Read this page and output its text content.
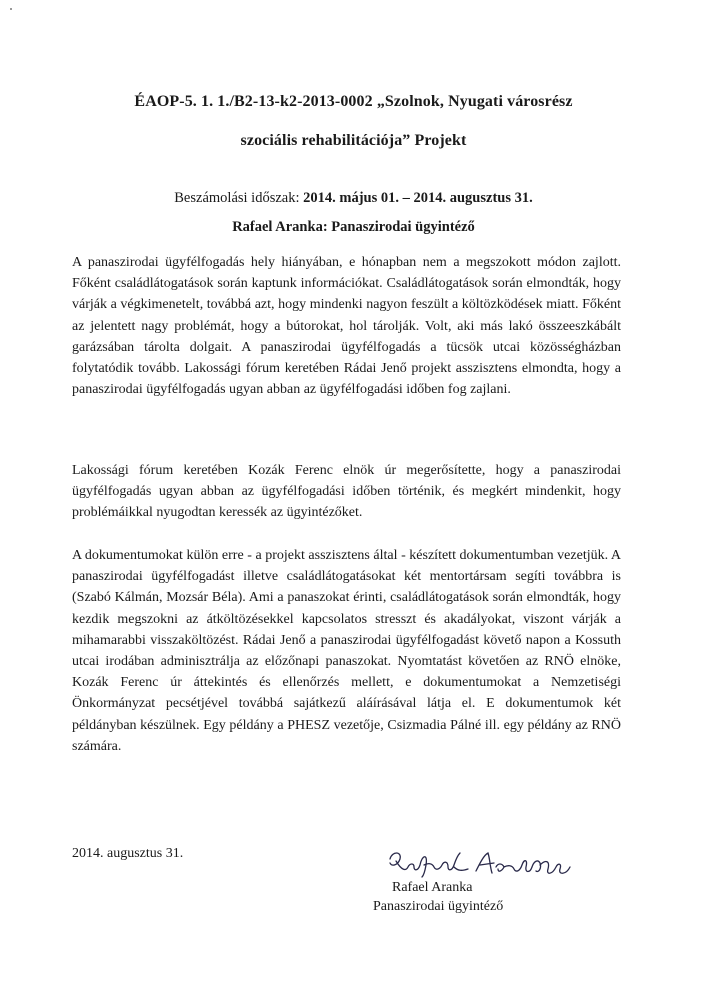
ÉAOP-5. 1. 1./B2-13-k2-2013-0002 „Szolnok, Nyugati városrész
szociális rehabilitációja” Projekt
Beszámolási időszak: 2014. május 01. – 2014. augusztus 31.
Rafael Aranka: Panaszirodai ügyintéző

A panaszirodai ügyfélfogadás hely hiányában, e hónapban nem a megszokott módon zajlott. Főként családlátogatások során kaptunk információkat. Családlátogatások során elmondták, hogy várják a végkimenetelt, továbbá azt, hogy mindenki nagyon feszült a költözködések miatt. Főként az jelentett nagy problémát, hogy a bútorokat, hol tárolják. Volt, aki más lakó összeeszkábált garázsában tárolta dolgait. A panaszirodai ügyfélfogadás a tücsök utcai közösségházban folytatódik tovább. Lakossági fórum keretében Rádai Jenő projekt asszisztens elmondta, hogy a panaszirodai ügyfélfogadás ugyan abban az ügyfélfogadási időben fog zajlani.

Lakossági fórum keretében Kozák Ferenc elnök úr megerősítette, hogy a panaszirodai ügyfélfogadás ugyan abban az ügyfélfogadási időben történik, és megkért mindenkit, hogy problémáikkal nyugodtan keressék az ügyintézőket.

A dokumentumokat külön erre - a projekt asszisztens által - készített dokumentumban vezetjük. A panaszirodai ügyfélfogadást illetve családlátogatásokat két mentortársam segíti továbbra is (Szabó Kálmán, Mozsár Béla). Ami a panaszokat érinti, családlátogatások során elmondták, hogy kezdik megszokni az átköltözésekkel kapcsolatos stresszt és akadályokat, viszont várják a mihamarabbi visszaköltözést. Rádai Jenő a panaszirodai ügyfélfogadást követő napon a Kossuth utcai irodában adminisztrálja az előzőnapi panaszokat. Nyomtatást követően az RNÖ elnöke, Kozák Ferenc úr áttekintés és ellenőrzés mellett, e dokumentumokat a Nemzetiségi Önkormányzat pecsétjével továbbá sajátkezű aláírásával látja el. E dokumentumok két példányban készülnek. Egy példány a PHESZ vezetője, Csizmadia Pálné ill. egy példány az RNÖ számára.

2014. augusztus 31.
Rafael Aranka
Panaszirodai ügyintéző
